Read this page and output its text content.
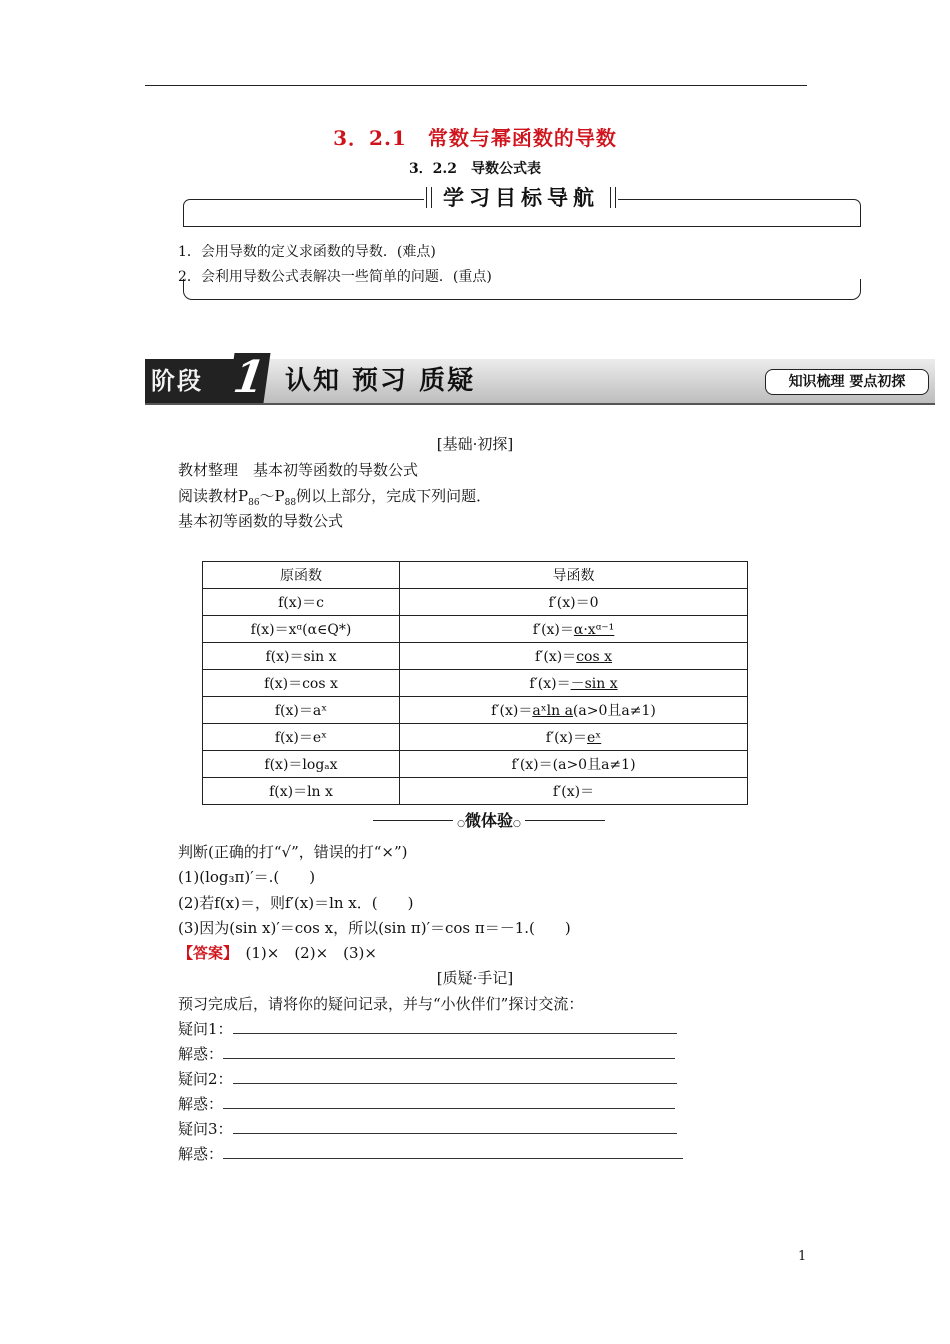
3．2.1　常数与幂函数的导数
3．2.2　导数公式表
学习目标导航
1．会用导数的定义求函数的导数．(难点)
2．会利用导数公式表解决一些简单的问题．(重点)
阶段 1 认知 预习 质疑	知识梳理 要点初探
[基础·初探]
教材整理　基本初等函数的导数公式
阅读教材$P_{86}\sim P_{88}$例以上部分，完成下列问题．
基本初等函数的导数公式
原函数	导函数
f(x)＝c	f′(x)＝0
f(x)＝xᵅ(α∈Q*)	f′(x)＝α·xᵅ⁻¹
f(x)＝sin x	f′(x)＝cos x
f(x)＝cos x	f′(x)＝－sin x
f(x)＝aˣ	f′(x)＝aˣln a(a>0且a≠1)
f(x)＝eˣ	f′(x)＝eˣ
f(x)＝logₐx	f′(x)＝(a>0且a≠1)
f(x)＝ln x	f′(x)＝
○微体验○
判断(正确的打“√”，错误的打“×”)
(1)(log₃π)′＝.(　　)
(2)若f(x)＝，则f′(x)＝ln x．(　　)
(3)因为(sin x)′＝cos x，所以(sin π)′＝cos π＝－1.(　　)
【答案】　(1)×　(2)×　(3)×
[质疑·手记]
预习完成后，请将你的疑问记录，并与“小伙伴们”探讨交流：
疑问1：
解惑：
疑问2：
解惑：
疑问3：
解惑：
1
